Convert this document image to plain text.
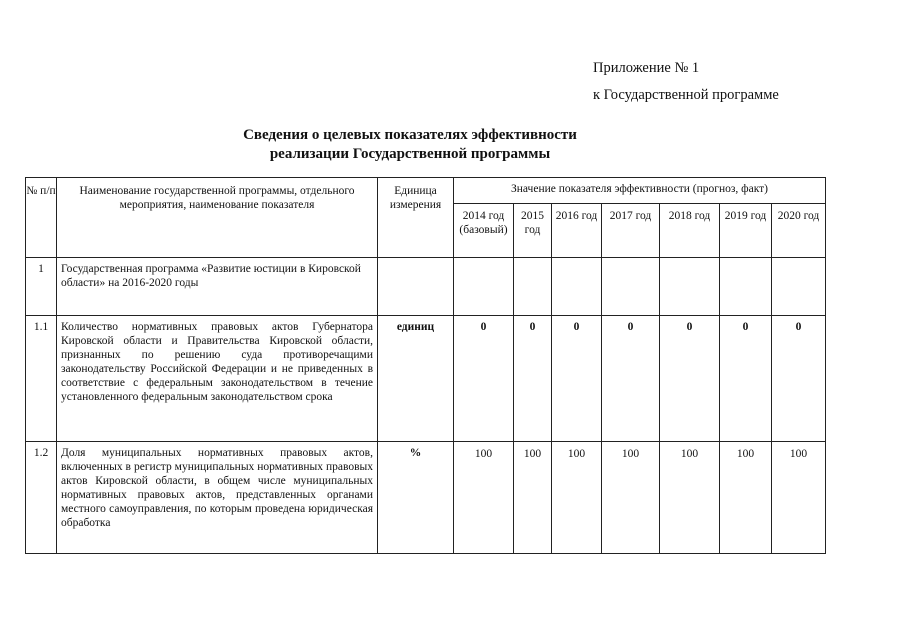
Приложение № 1
к Государственной программе
Сведения о целевых показателях эффективности
реализации Государственной программы
№ п/п	Наименование государственной программы, отдельного мероприятия, наименование показателя	Единица измерения	Значение показателя эффективности (прогноз, факт)						
			2014 год (базовый)	2015 год	2016 год	2017 год	2018 год	2019 год	2020 год
1	Государственная программа «Развитие юстиции в Кировской области» на 2016-2020 годы								
1.1	Количество нормативных правовых актов Губернатора Кировской области и Правительства Кировской области, признанных по решению суда противоречащими законодательству Российской Федерации и не приведенных в соответствие с федеральным законодательством в течение установленного федеральным законодательством срока	единиц	0	0	0	0	0	0	0
1.2	Доля муниципальных нормативных правовых актов, включенных в регистр муниципальных нормативных правовых актов Кировской области, в общем числе муниципальных нормативных правовых актов, представленных органами местного самоуправления, по которым проведена юридическая обработка	%	100	100	100	100	100	100	100
